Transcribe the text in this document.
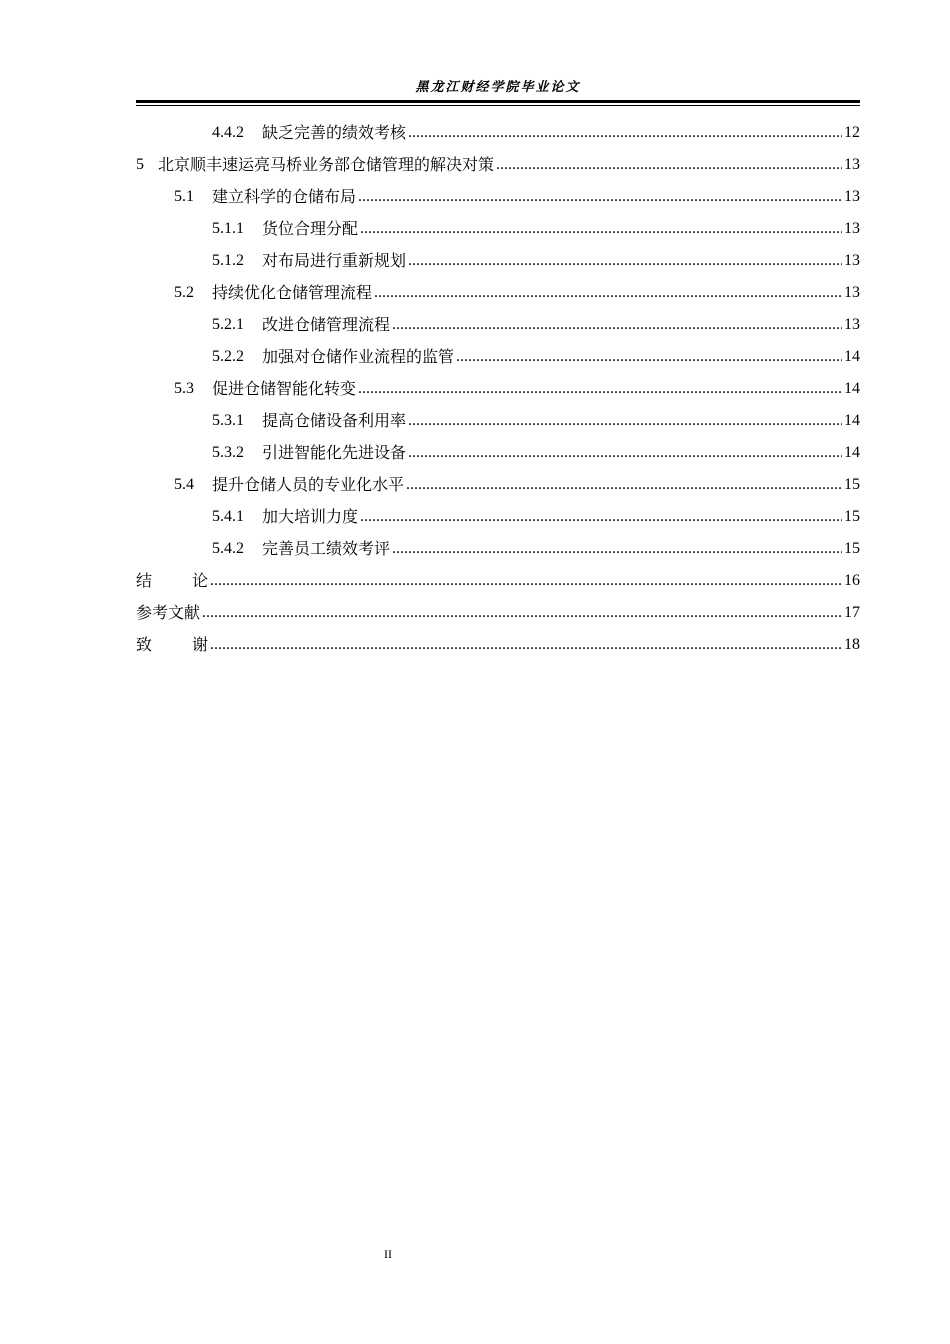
黑龙江财经学院毕业论文
4.4.2 缺乏完善的绩效考核 .....	12
5 北京顺丰速运亮马桥业务部仓储管理的解决对策 .....	13
5.1 建立科学的仓储布局 .....	13
5.1.1 货位合理分配 .....	13
5.1.2 对布局进行重新规划 .....	13
5.2 持续优化仓储管理流程 .....	13
5.2.1 改进仓储管理流程 .....	13
5.2.2 加强对仓储作业流程的监管 .....	14
5.3 促进仓储智能化转变 .....	14
5.3.1 提高仓储设备利用率 .....	14
5.3.2 引进智能化先进设备 .....	14
5.4 提升仓储人员的专业化水平 .....	15
5.4.1 加大培训力度 .....	15
5.4.2 完善员工绩效考评 .....	15
结论 .....	16
参考文献 .....	17
致谢 .....	18
II
